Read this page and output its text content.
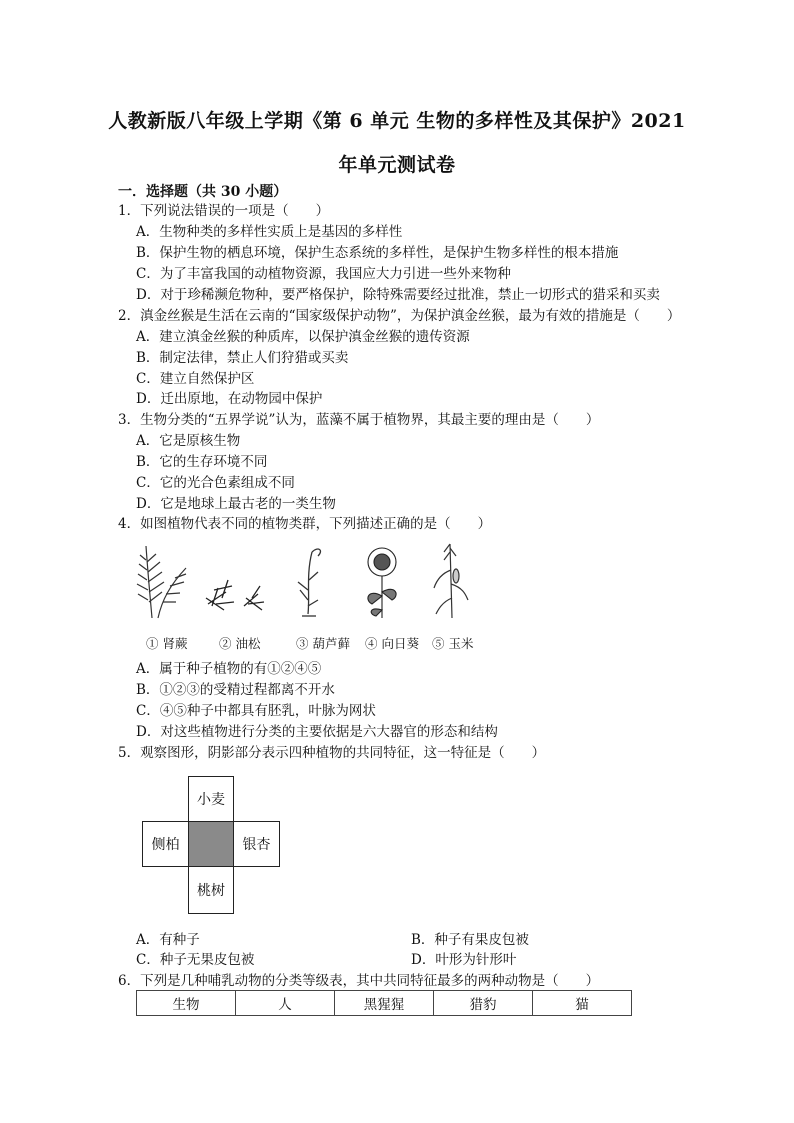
人教新版八年级上学期《第 6 单元 生物的多样性及其保护》2021
年单元测试卷
一．选择题（共 30 小题）
1．下列说法错误的一项是（　　）
A．生物种类的多样性实质上是基因的多样性
B．保护生物的栖息环境，保护生态系统的多样性，是保护生物多样性的根本措施
C．为了丰富我国的动植物资源，我国应大力引进一些外来物种
D．对于珍稀濒危物种，要严格保护，除特殊需要经过批准，禁止一切形式的猎采和买卖
2．滇金丝猴是生活在云南的“国家级保护动物”，为保护滇金丝猴，最为有效的措施是（　　）
A．建立滇金丝猴的种质库，以保护滇金丝猴的遗传资源
B．制定法律，禁止人们狩猎或买卖
C．建立自然保护区
D．迁出原地，在动物园中保护
3．生物分类的“五界学说”认为，蓝藻不属于植物界，其最主要的理由是（　　）
A．它是原核生物
B．它的生存环境不同
C．它的光合色素组成不同
D．它是地球上最古老的一类生物
4．如图植物代表不同的植物类群，下列描述正确的是（　　）
① 肾蕨	② 油松	③ 葫芦藓 ④ 向日葵 ⑤ 玉米
A．属于种子植物的有①②④⑤
B．①②③的受精过程都离不开水
C．④⑤种子中都具有胚乳，叶脉为网状
D．对这些植物进行分类的主要依据是六大器官的形态和结构
5．观察图形，阴影部分表示四种植物的共同特征，这一特征是（　　）
小麦
侧柏	银杏
桃树
A．有种子	B．种子有果皮包被
C．种子无果皮包被	D．叶形为针形叶
6．下列是几种哺乳动物的分类等级表，其中共同特征最多的两种动物是（　　）
生物	人	黑猩猩	猎豹	猫
